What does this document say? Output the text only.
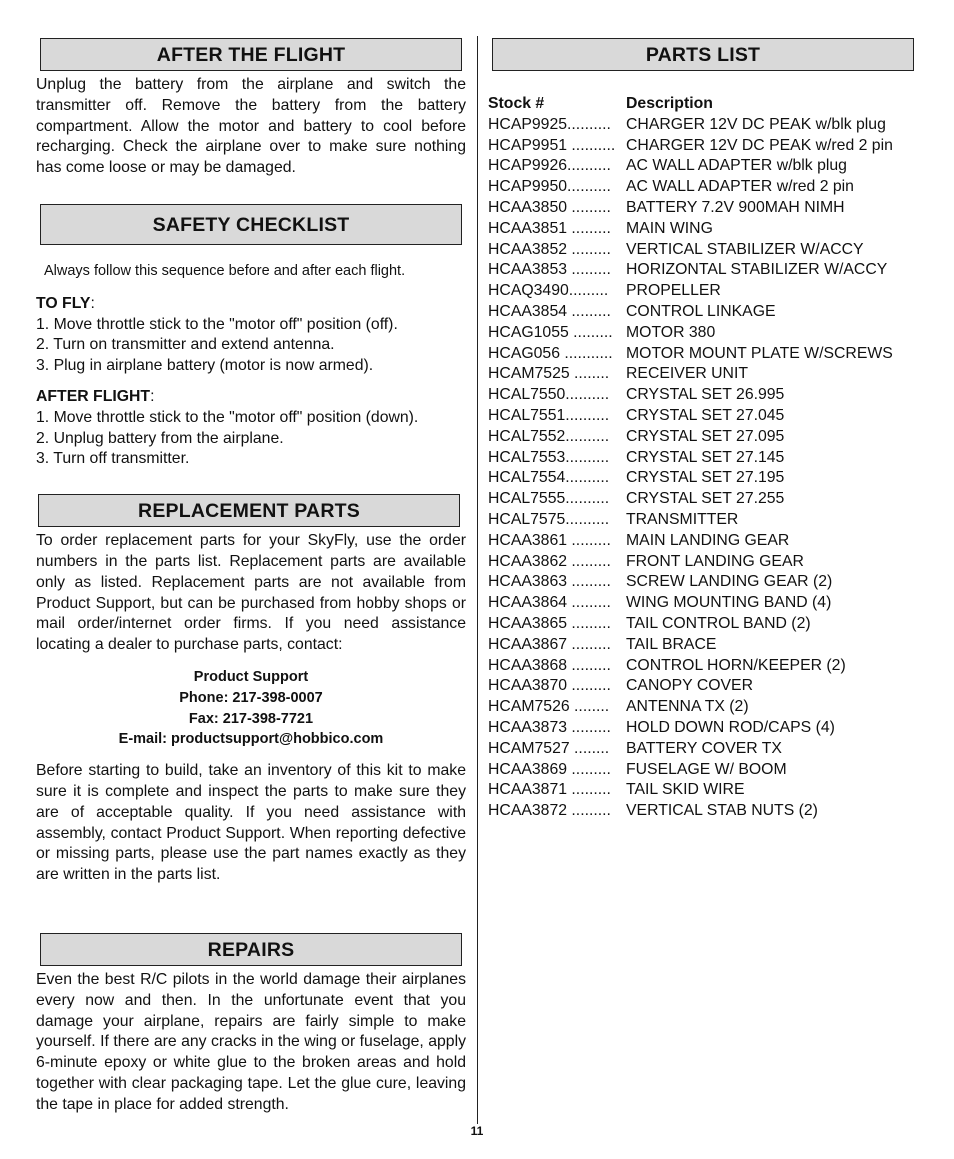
AFTER THE FLIGHT
Unplug the battery from the airplane and switch the transmitter off. Remove the battery from the battery compartment. Allow the motor and battery to cool before recharging. Check the airplane over to make sure nothing has come loose or may be damaged.
SAFETY CHECKLIST
Always follow this sequence before and after each flight.
TO FLY:
1. Move throttle stick to the "motor off" position (off).
2. Turn on transmitter and extend antenna.
3. Plug in airplane battery (motor is now armed).
AFTER FLIGHT:
1. Move throttle stick to the "motor off" position (down).
2. Unplug battery from the airplane.
3. Turn off transmitter.
REPLACEMENT PARTS
To order replacement parts for your SkyFly, use the order numbers in the parts list. Replacement parts are available only as listed. Replacement parts are not available from Product Support, but can be purchased from hobby shops or mail order/internet order firms. If you need assistance locating a dealer to purchase parts, contact:
Product Support
Phone: 217-398-0007
Fax: 217-398-7721
E-mail: productsupport@hobbico.com
Before starting to build, take an inventory of this kit to make sure it is complete and inspect the parts to make sure they are of acceptable quality. If you need assistance with assembly, contact Product Support. When reporting defective or missing parts, please use the part names exactly as they are written in the parts list.
REPAIRS
Even the best R/C pilots in the world damage their airplanes every now and then. In the unfortunate event that you damage your airplane, repairs are fairly simple to make yourself. If there are any cracks in the wing or fuselage, apply 6-minute epoxy or white glue to the broken areas and hold together with clear packaging tape. Let the glue cure, leaving the tape in place for added strength.
PARTS LIST
Stock #	Description
HCAP9925.......... CHARGER 12V DC PEAK w/blk plug
HCAP9951 .......... CHARGER 12V DC PEAK w/red 2 pin
HCAP9926.......... AC WALL ADAPTER w/blk plug
HCAP9950.......... AC WALL ADAPTER w/red 2 pin
HCAA3850 ......... BATTERY 7.2V 900MAH NIMH
HCAA3851 ......... MAIN WING
HCAA3852 ......... VERTICAL STABILIZER W/ACCY
HCAA3853 ......... HORIZONTAL STABILIZER W/ACCY
HCAQ3490.........	PROPELLER
HCAA3854 ......... CONTROL LINKAGE
HCAG1055 ......... MOTOR 380
HCAG056 ........... MOTOR MOUNT PLATE W/SCREWS
HCAM7525 ........	RECEIVER UNIT
HCAL7550..........	CRYSTAL SET 26.995
HCAL7551..........	CRYSTAL SET 27.045
HCAL7552..........	CRYSTAL SET 27.095
HCAL7553..........	CRYSTAL SET 27.145
HCAL7554..........	CRYSTAL SET 27.195
HCAL7555..........	CRYSTAL SET 27.255
HCAL7575..........	TRANSMITTER
HCAA3861 ......... MAIN LANDING GEAR
HCAA3862 ......... FRONT LANDING GEAR
HCAA3863 ......... SCREW LANDING GEAR (2)
HCAA3864 ......... WING MOUNTING BAND (4)
HCAA3865 ......... TAIL CONTROL BAND (2)
HCAA3867 ......... TAIL BRACE
HCAA3868 ......... CONTROL HORN/KEEPER (2)
HCAA3870 ......... CANOPY COVER
HCAM7526 ........	ANTENNA TX (2)
HCAA3873 ......... HOLD DOWN ROD/CAPS (4)
HCAM7527 ........	BATTERY COVER TX
HCAA3869 ......... FUSELAGE W/ BOOM
HCAA3871 ......... TAIL SKID WIRE
HCAA3872 ......... VERTICAL STAB NUTS (2)
11
